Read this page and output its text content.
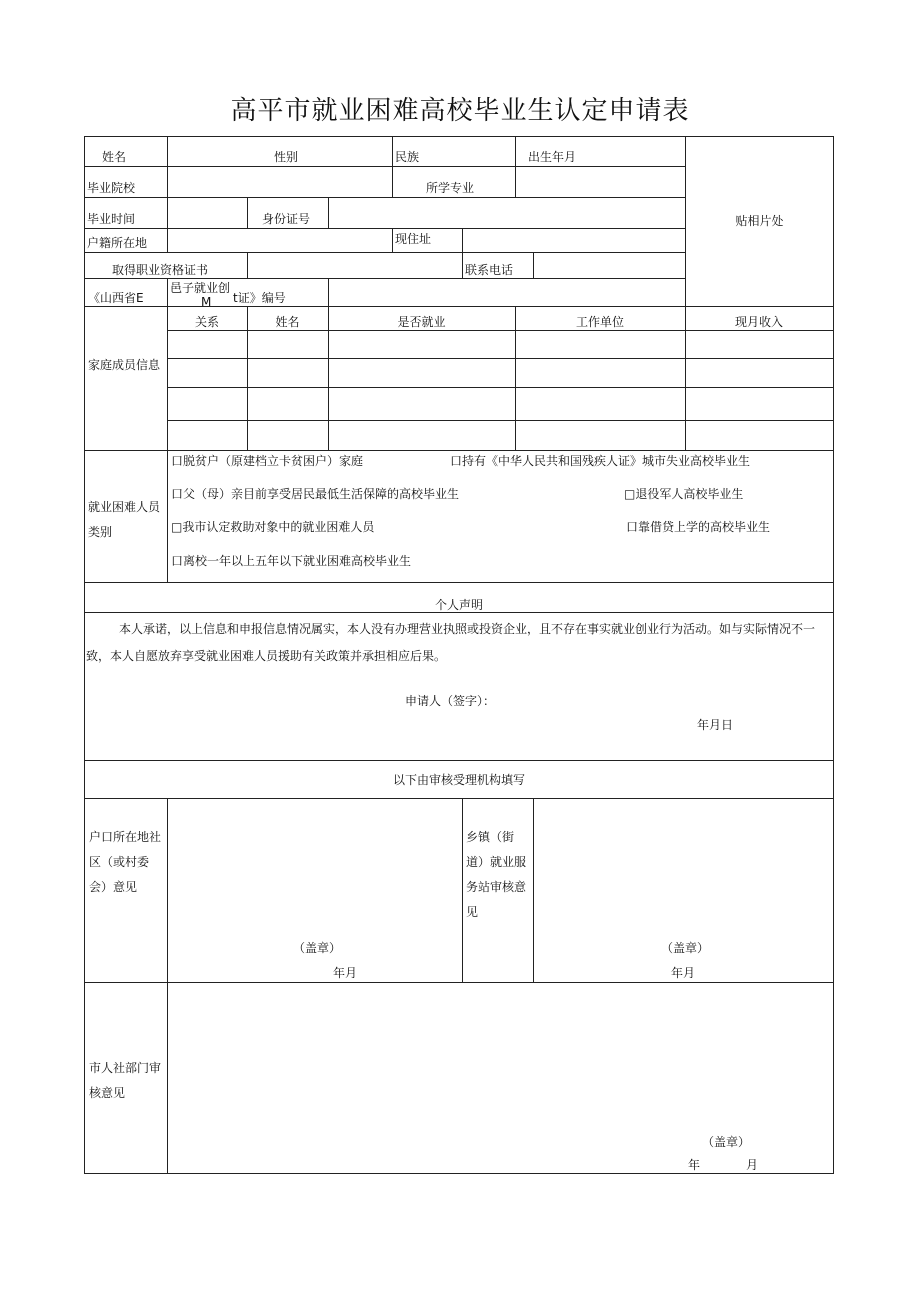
高平市就业困难高校毕业生认定申请表
姓名	性别	民族	出生年月
贴相片处
毕业院校	所学专业
毕业时间	身份证号
户籍所在地	现住址
取得职业资格证书	联系电话
《山西省E
邑子就业创
M t证》编号
家庭成员信息
关系	姓名	是否就业	工作单位	现月收入
就业困难人员类别
口脱贫户（原建档立卡贫困户）家庭	口持有《中华人民共和国残疾人证》城市失业高校毕业生
口父（母）亲目前享受居民最低生活保障的高校毕业生	□退役军人高校毕业生
□我市认定救助对象中的就业困难人员	口靠借贷上学的高校毕业生
口离校一年以上五年以下就业困难高校毕业生
个人声明
本人承诺，以上信息和申报信息情况属实，本人没有办理营业执照或投资企业，且不存在事实就业创业行为活动。如与实际情况不一致，本人自愿放弃享受就业困难人员援助有关政策并承担相应后果。
申请人（签字）：
年月日
以下由审核受理机构填写
户口所在地社区（或村委会）意见
（盖章）
年月
乡镇（街道）就业服务站审核意见
（盖章）
年月
市人社部门审核意见
（盖章）
年	月
